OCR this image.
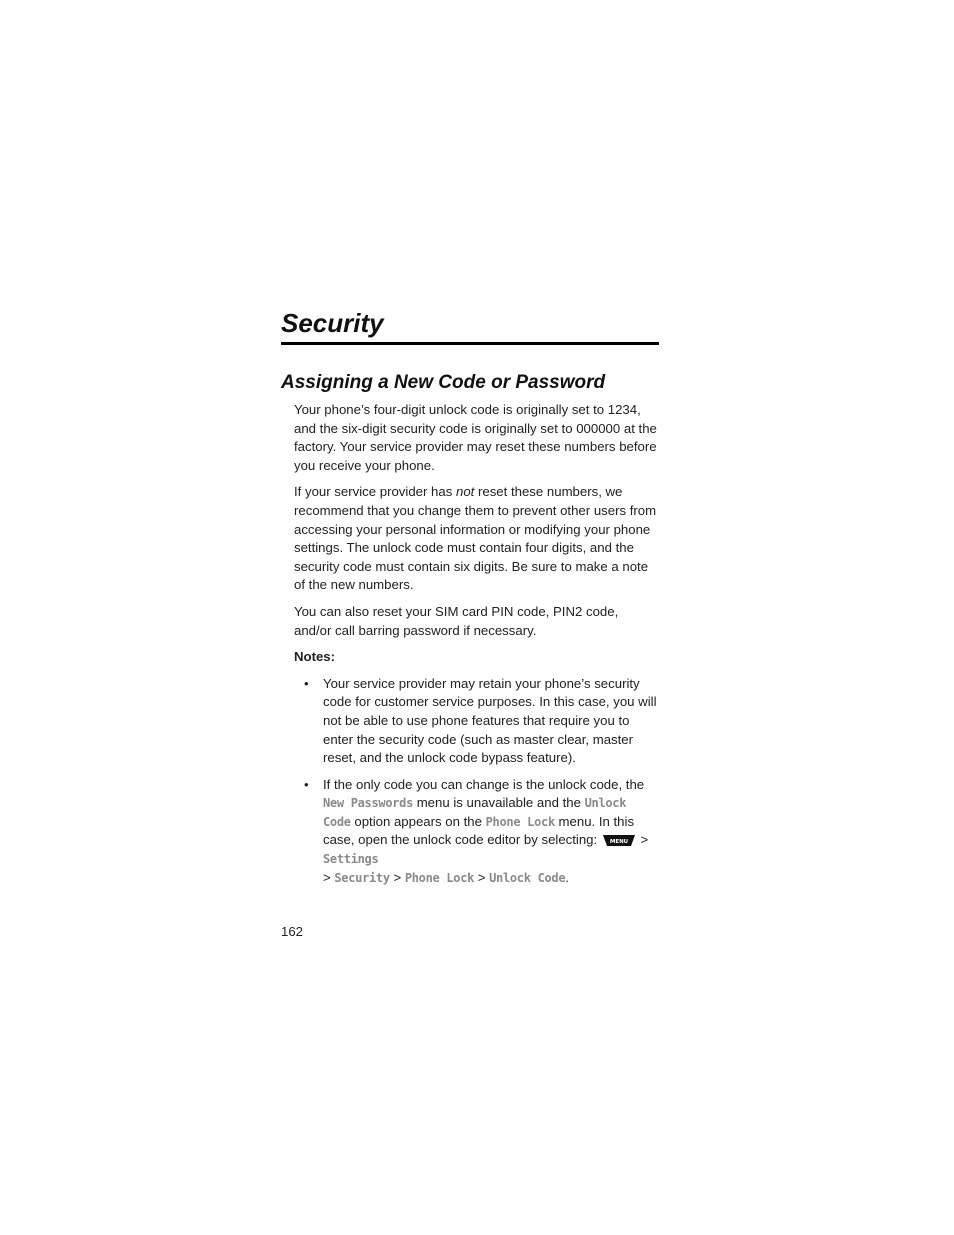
Security
Assigning a New Code or Password

Your phone’s four-digit unlock code is originally set to 1234, and the six-digit security code is originally set to 000000 at the factory. Your service provider may reset these numbers before you receive your phone.

If your service provider has not reset these numbers, we recommend that you change them to prevent other users from accessing your personal information or modifying your phone settings. The unlock code must contain four digits, and the security code must contain six digits. Be sure to make a note of the new numbers.

You can also reset your SIM card PIN code, PIN2 code, and/or call barring password if necessary.

Notes:
• Your service provider may retain your phone’s security code for customer service purposes. In this case, you will not be able to use phone features that require you to enter the security code (such as master clear, master reset, and the unlock code bypass feature).
• If the only code you can change is the unlock code, the New Passwords menu is unavailable and the Unlock Code option appears on the Phone Lock menu. In this case, open the unlock code editor by selecting: MENU > Settings
> Security > Phone Lock > Unlock Code.
162
